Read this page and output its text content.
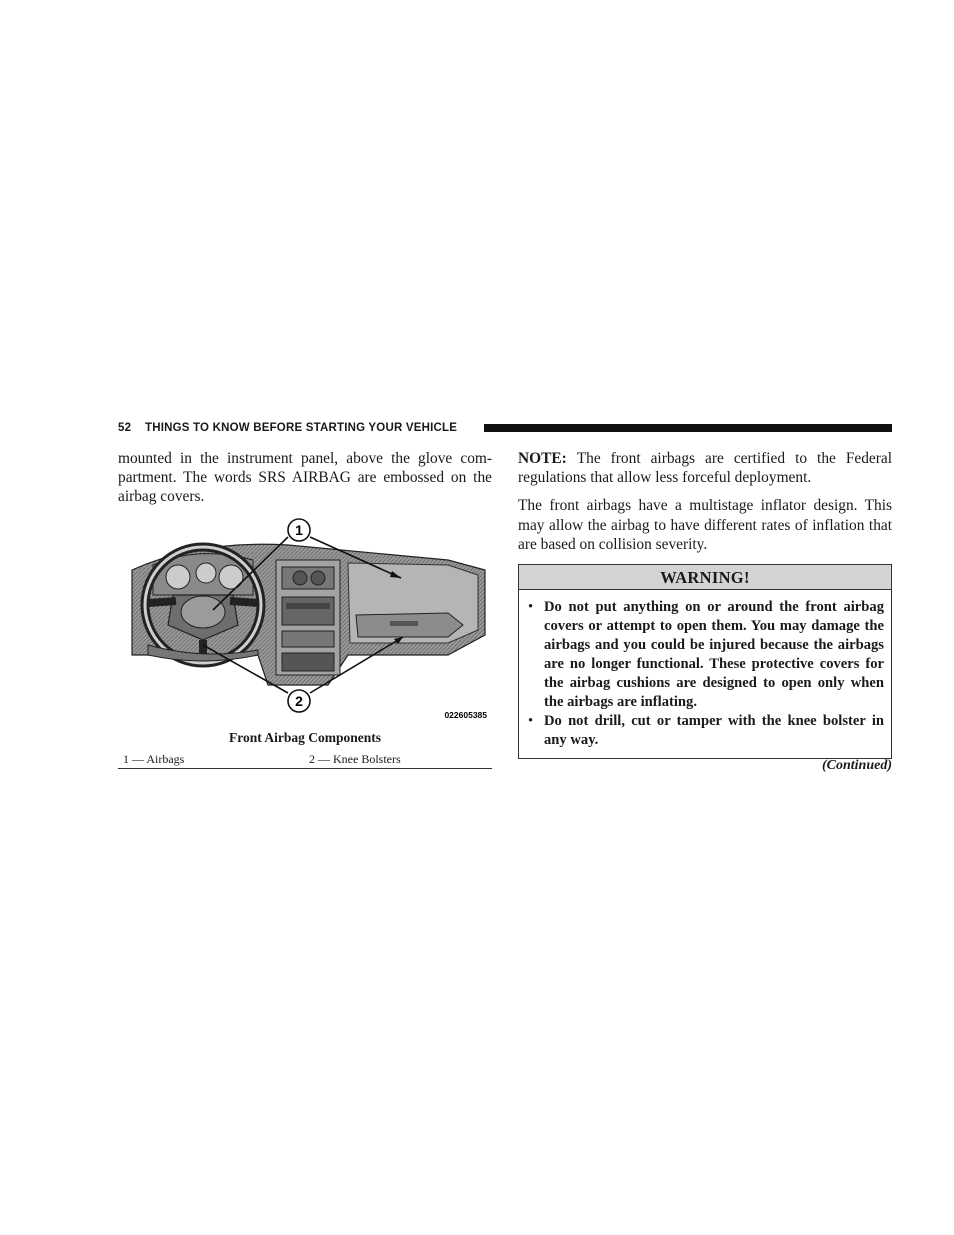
52 THINGS TO KNOW BEFORE STARTING YOUR VEHICLE

mounted in the instrument panel, above the glove com-partment. The words SRS AIRBAG are embossed on the airbag covers.

1
2
022605385
Front Airbag Components
1 — Airbags	2 — Knee Bolsters

NOTE: The front airbags are certified to the Federal regulations that allow less forceful deployment.

The front airbags have a multistage inflator design. This may allow the airbag to have different rates of inflation that are based on collision severity.

WARNING!
• Do not put anything on or around the front airbag covers or attempt to open them. You may damage the airbags and you could be injured because the airbags are no longer functional. These protective covers for the airbag cushions are designed to open only when the airbags are inflating.
• Do not drill, cut or tamper with the knee bolster in any way.
(Continued)
